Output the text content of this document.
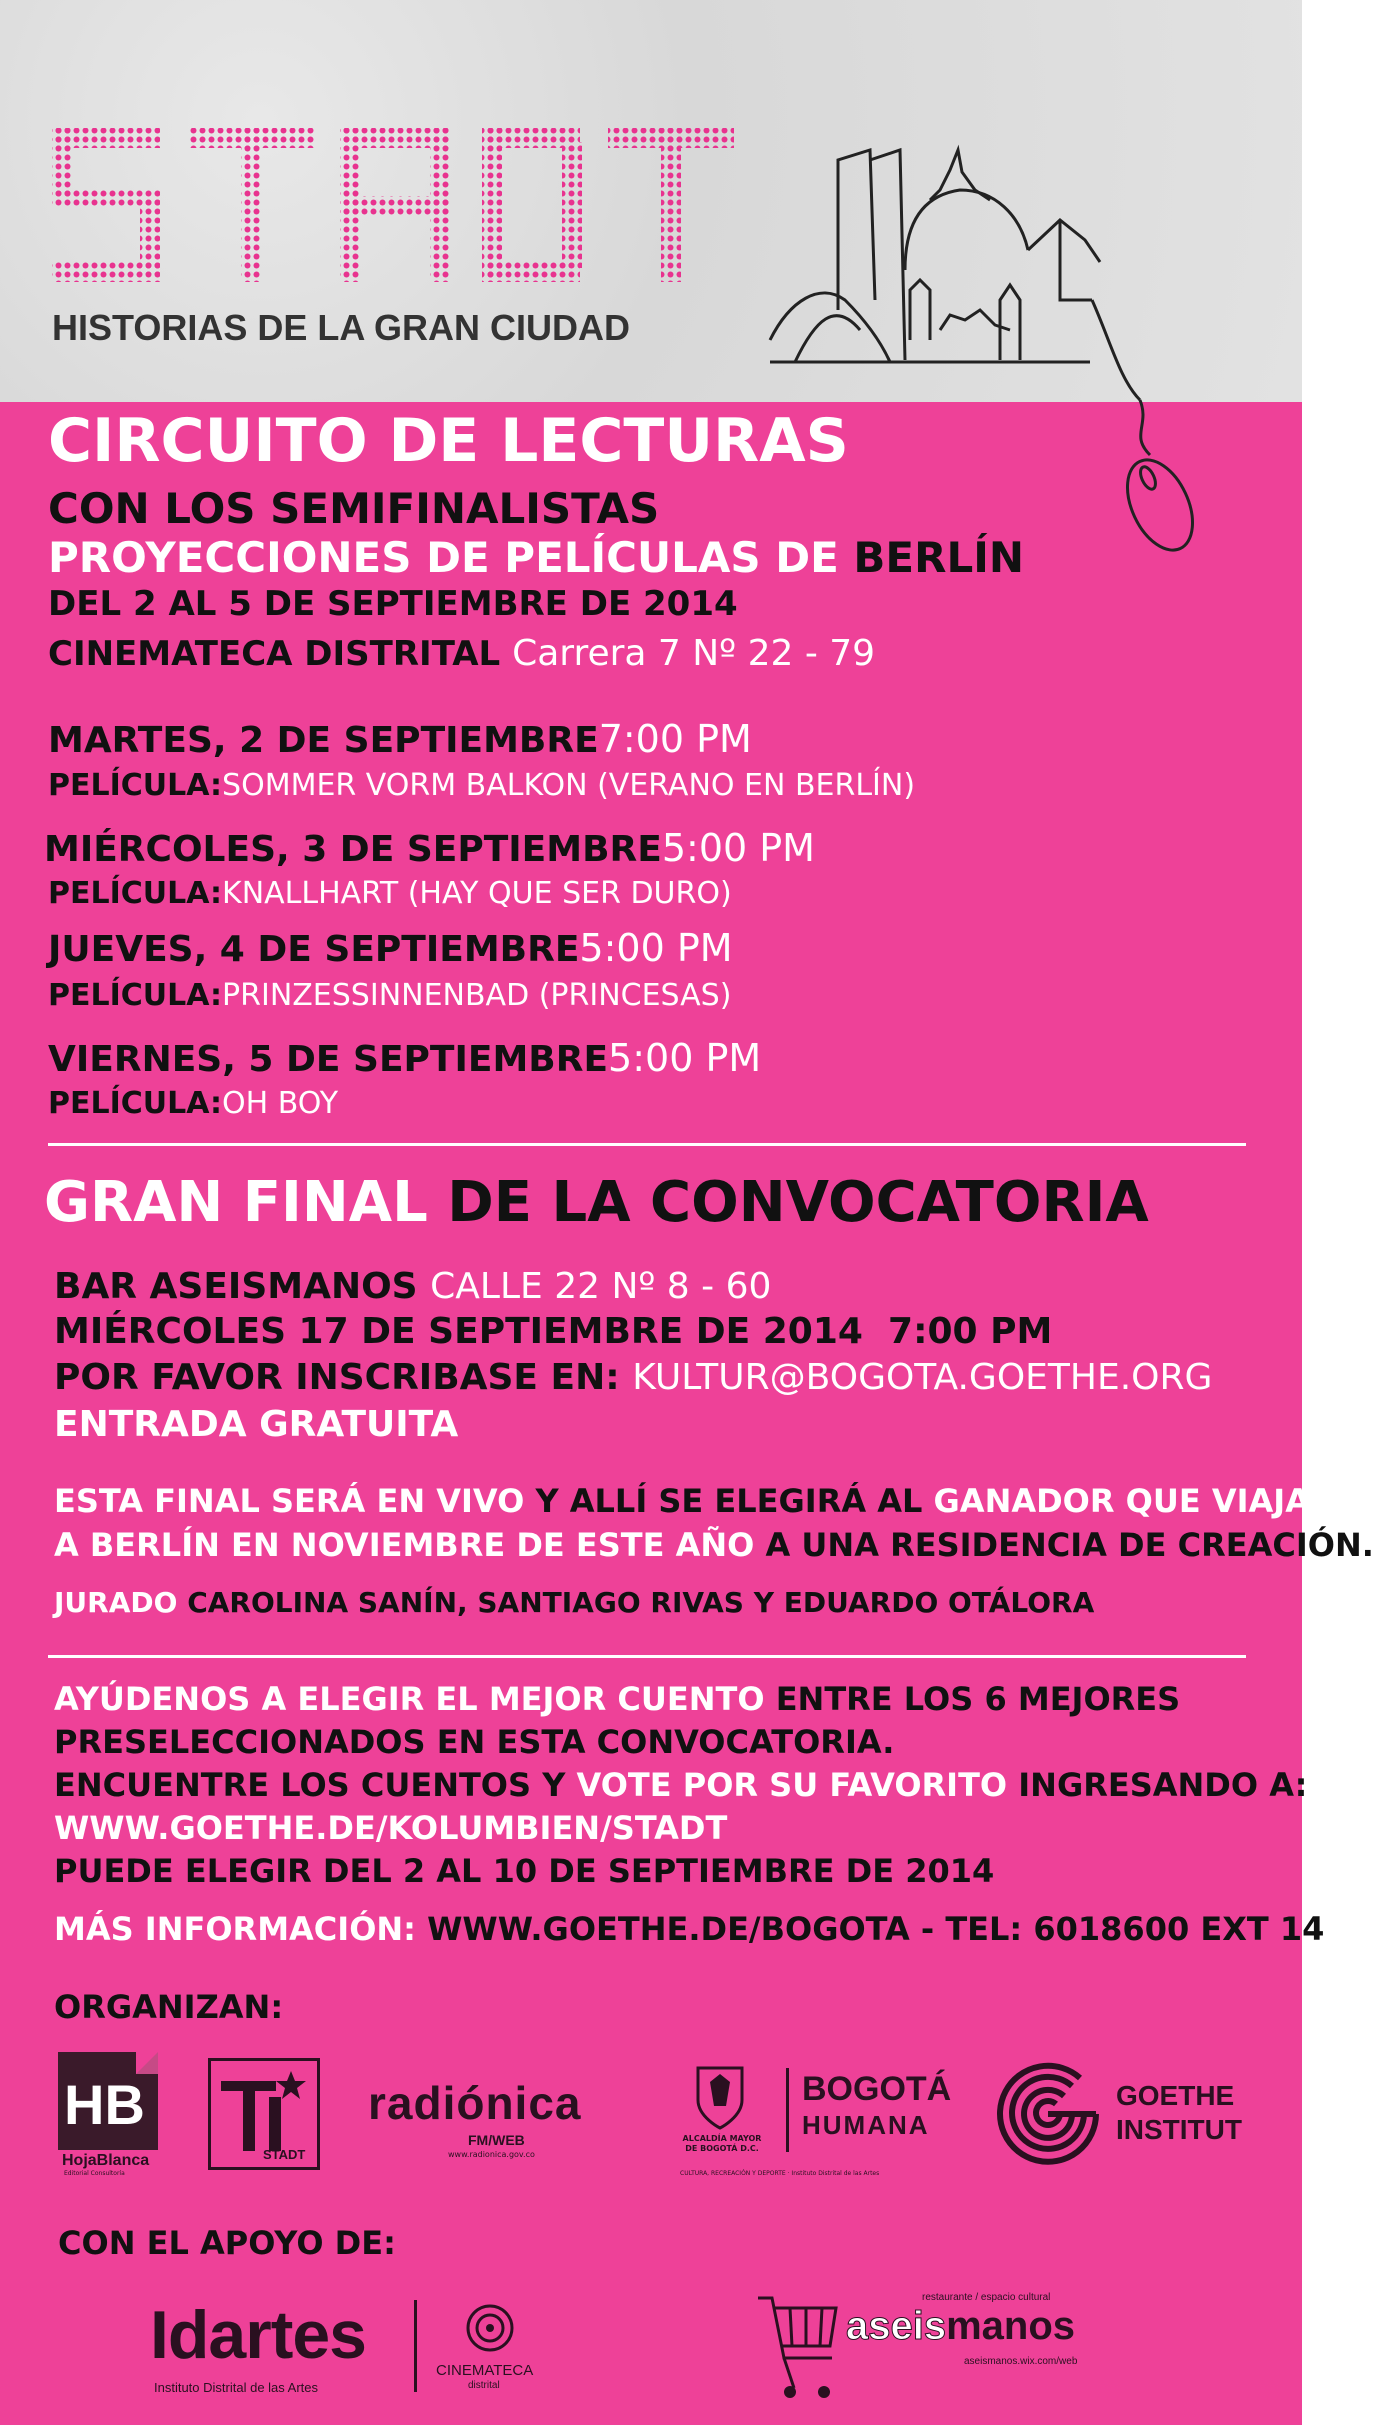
HISTORIAS DE LA GRAN CIUDAD
CIRCUITO DE LECTURAS
CON LOS SEMIFINALISTAS
PROYECCIONES DE PELÍCULAS DE BERLÍN
DEL 2 AL 5 DE SEPTIEMBRE DE 2014
CINEMATECA DISTRITAL Carrera 7 Nº 22 - 79
MARTES, 2 DE SEPTIEMBRE7:00 PM
PELÍCULA:SOMMER VORM BALKON (VERANO EN BERLÍN)
MIÉRCOLES, 3 DE SEPTIEMBRE5:00 PM
PELÍCULA:KNALLHART (HAY QUE SER DURO)
JUEVES, 4 DE SEPTIEMBRE5:00 PM
PELÍCULA:PRINZESSINNENBAD (PRINCESAS)
VIERNES, 5 DE SEPTIEMBRE5:00 PM
PELÍCULA:OH BOY
GRAN FINAL DE LA CONVOCATORIA
BAR ASEISMANOS CALLE 22 Nº 8 - 60
MIÉRCOLES 17 DE SEPTIEMBRE DE 2014 7:00 PM
POR FAVOR INSCRIBASE EN: KULTUR@BOGOTA.GOETHE.ORG
ENTRADA GRATUITA
ESTA FINAL SERÁ EN VIVO Y ALLÍ SE ELEGIRÁ AL GANADOR QUE VIAJARÁ
A BERLÍN EN NOVIEMBRE DE ESTE AÑO A UNA RESIDENCIA DE CREACIÓN.
JURADO CAROLINA SANÍN, SANTIAGO RIVAS Y EDUARDO OTÁLORA
AYÚDENOS A ELEGIR EL MEJOR CUENTO ENTRE LOS 6 MEJORES
PRESELECCIONADOS EN ESTA CONVOCATORIA.
ENCUENTRE LOS CUENTOS Y VOTE POR SU FAVORITO INGRESANDO A:
WWW.GOETHE.DE/KOLUMBIEN/STADT
PUEDE ELEGIR DEL 2 AL 10 DE SEPTIEMBRE DE 2014
MÁS INFORMACIÓN: WWW.GOETHE.DE/BOGOTA - TEL: 6018600 EXT 14
ORGANIZAN:
HB
HojaBlanca
Editorial Consultoría
STADT
radiónica
FM/WEB
www.radionica.gov.co
ALCALDÍA MAYOR DE BOGOTÁ D.C.
BOGOTÁ
HUMANA
CULTURA, RECREACIÓN Y DEPORTE · Instituto Distrital de las Artes
GOETHE
INSTITUT
CON EL APOYO DE:
Idartes
Instituto Distrital de las Artes
CINEMATECA
distrital
restaurante / espacio cultural
aseismanos
aseismanos.wix.com/web
